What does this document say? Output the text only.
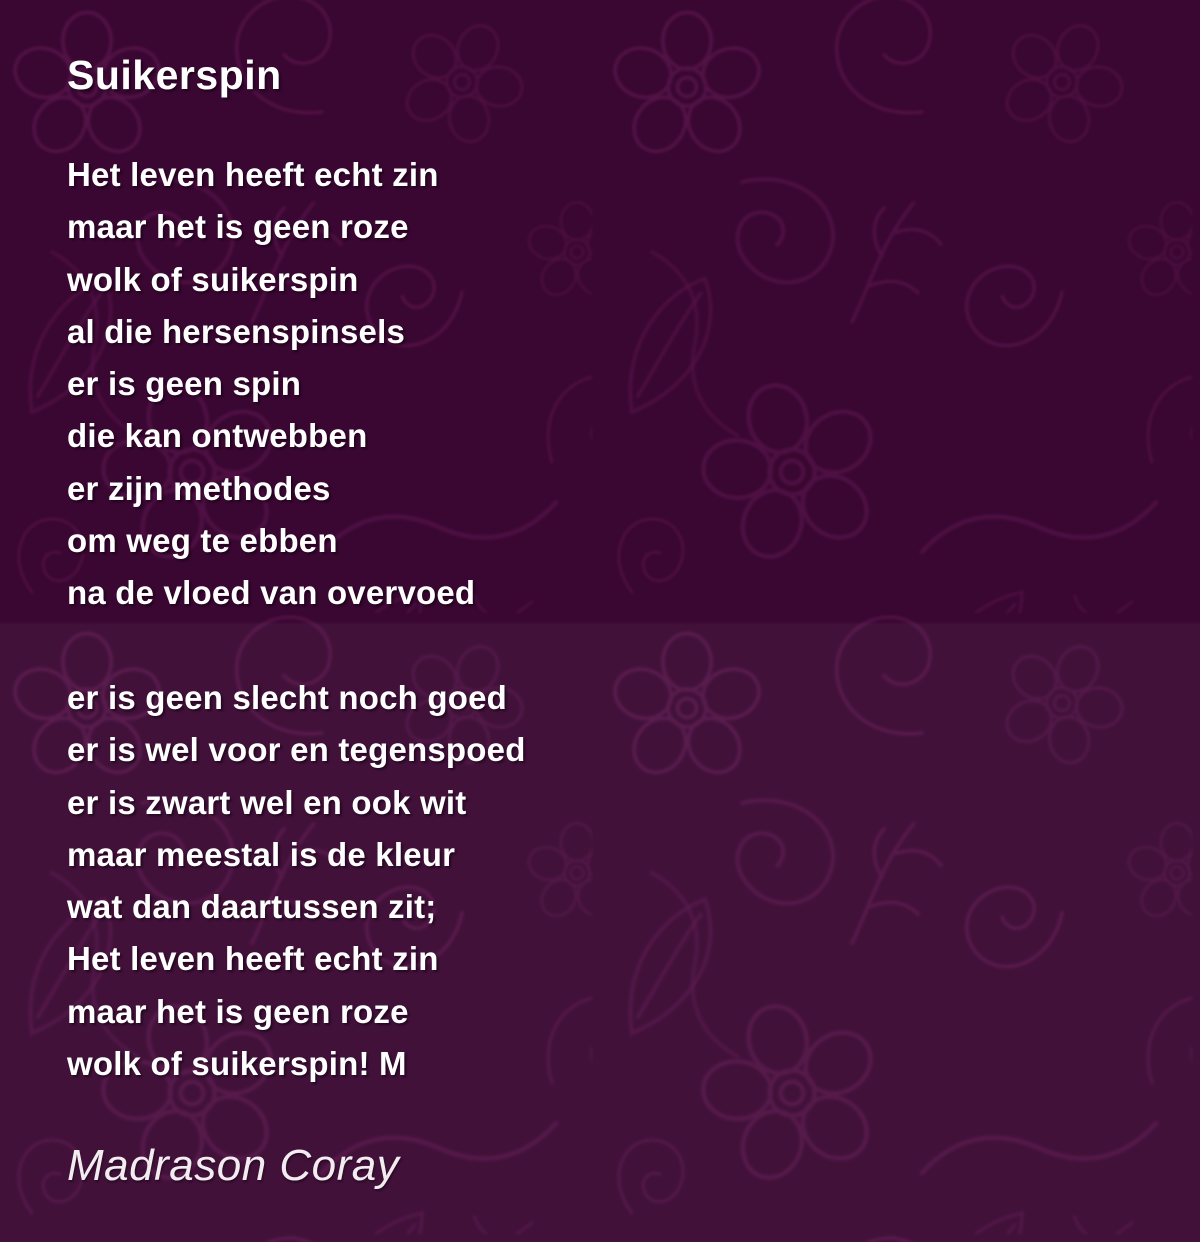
Suikerspin
Het leven heeft echt zin
maar het is geen roze
wolk of suikerspin
al die hersenspinsels
er is geen spin
die kan ontwebben
er zijn methodes
om weg te ebben
na de vloed van overvoed
er is geen slecht noch goed
er is wel voor en tegenspoed
er is zwart wel en ook wit
maar meestal is de kleur
wat dan daartussen zit;
Het leven heeft echt zin
maar het is geen roze
wolk of suikerspin! M
Madrason Coray
